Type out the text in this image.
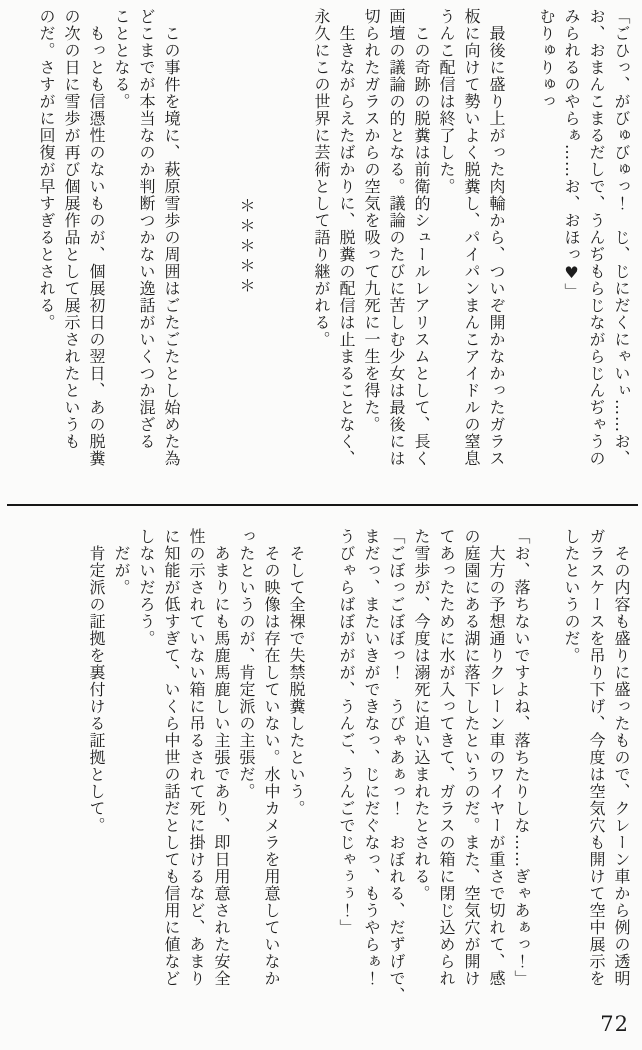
「ごひっ、がびゅびゅっ！　じ、じにだくにゃいぃ……お、
お、おまんこまるだしで、うんぢもらじながらじんぢゃうの
みられるのやらぁ……お、おほっ♥」
むりゅりゅっ

　最後に盛り上がった肉輪から、ついぞ開かなかったガラス
板に向けて勢いよく脱糞し、パイパンまんこアイドルの窒息
うんこ配信は終了した。
　この奇跡の脱糞は前衛的シュールレアリスムとして、長く
画壇の議論の的となる。議論のたびに苦しむ少女は最後には
切られたガラスからの空気を吸って九死に一生を得た。
　生きながらえたばかりに、脱糞の配信は止まることなく、
永久にこの世界に芸術として語り継がれる。

＊＊＊＊＊

　この事件を境に、萩原雪歩の周囲はごたごたとし始めた為
どこまでが本当なのか判断つかない逸話がいくつか混ざる
こととなる。
　もっとも信憑性のないものが、個展初日の翌日、あの脱糞
の次の日に雪歩が再び個展作品として展示されたというも
のだ。さすがに回復が早すぎるとされる。
　その内容も盛りに盛ったもので、クレーン車から例の透明
ガラスケースを吊り下げ、今度は空気穴も開けて空中展示を
したというのだ。

「お、落ちないですよね、落ちたりしな……ぎゃあぁっ！」
　大方の予想通りクレーン車のワイヤーが重さで切れて、感
の庭園にある湖に落下したというのだ。また、空気穴が開け
てあったために水が入ってきて、ガラスの箱に閉じ込められ
た雪歩が、今度は溺死に追い込まれたとされる。
「ごぼっごぼぼっ！　うびゃあぁっ！　おぼれる、だずげで、
まだっ、またいきができなっ、じにだぐなっ、もうやらぁ！
うびゃらばぼががが、うんご、うんごでじゃぅぅ！」

　そして全裸で失禁脱糞したという。
　その映像は存在していない。水中カメラを用意していなか
ったというのが、肯定派の主張だ。
　あまりにも馬鹿馬鹿しい主張であり、即日用意された安全
性の示されていない箱に吊るされて死に掛けるなど、あまり
に知能が低すぎて、いくら中世の話だとしても信用に値など
しないだろう。
　だが。
　肯定派の証拠を裏付ける証拠として。
72
